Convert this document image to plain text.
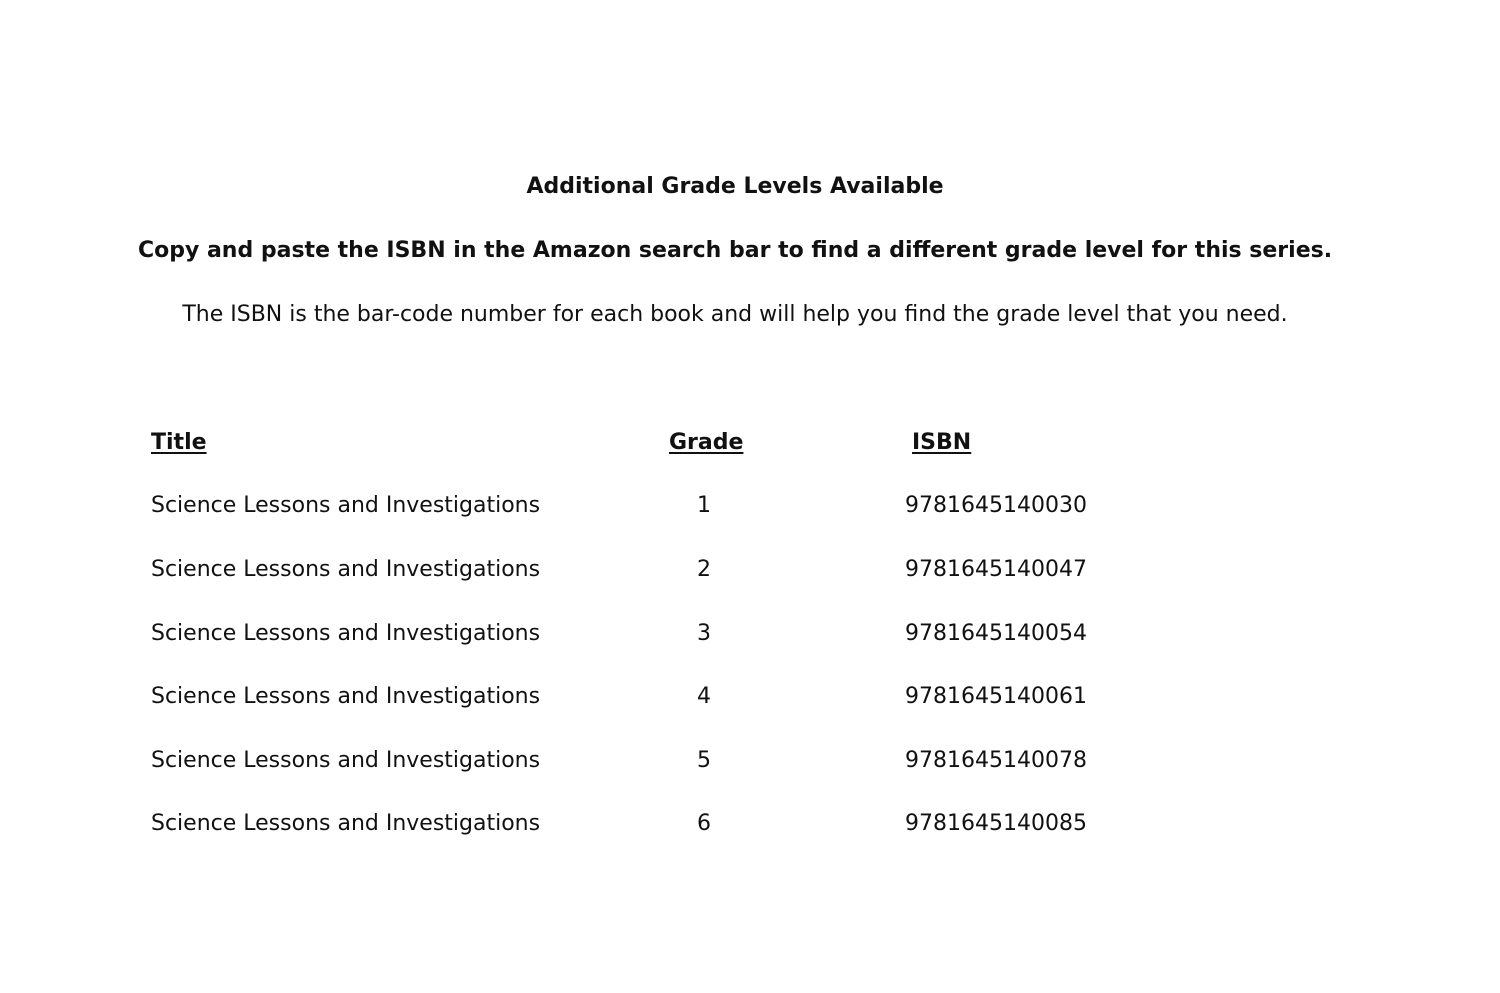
Additional Grade Levels Available
Copy and paste the ISBN in the Amazon search bar to find a different grade level for this series.
The ISBN is the bar-code number for each book and will help you find the grade level that you need.
Title	Grade	ISBN
Science Lessons and Investigations	1	9781645140030
Science Lessons and Investigations	2	9781645140047
Science Lessons and Investigations	3	9781645140054
Science Lessons and Investigations	4	9781645140061
Science Lessons and Investigations	5	9781645140078
Science Lessons and Investigations	6	9781645140085
